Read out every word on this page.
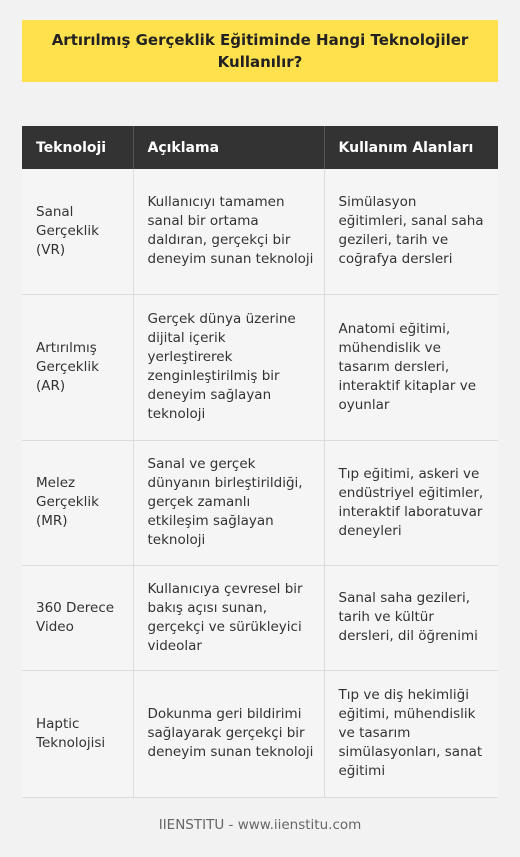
Artırılmış Gerçeklik Eğitiminde Hangi Teknolojiler Kullanılır?
Teknoloji	Açıklama	Kullanım Alanları
Sanal Gerçeklik (VR)	Kullanıcıyı tamamen sanal bir ortama daldıran, gerçekçi bir deneyim sunan teknoloji	Simülasyon eğitimleri, sanal saha gezileri, tarih ve coğrafya dersleri
Artırılmış Gerçeklik (AR)	Gerçek dünya üzerine dijital içerik yerleştirerek zenginleştirilmiş bir deneyim sağlayan teknoloji	Anatomi eğitimi, mühendislik ve tasarım dersleri, interaktif kitaplar ve oyunlar
Melez Gerçeklik (MR)	Sanal ve gerçek dünyanın birleştirildiği, gerçek zamanlı etkileşim sağlayan teknoloji	Tıp eğitimi, askeri ve endüstriyel eğitimler, interaktif laboratuvar deneyleri
360 Derece Video	Kullanıcıya çevresel bir bakış açısı sunan, gerçekçi ve sürükleyici videolar	Sanal saha gezileri, tarih ve kültür dersleri, dil öğrenimi
Haptic Teknolojisi	Dokunma geri bildirimi sağlayarak gerçekçi bir deneyim sunan teknoloji	Tıp ve diş hekimliği eğitimi, mühendislik ve tasarım simülasyonları, sanat eğitimi
IIENSTITU - www.iienstitu.com
